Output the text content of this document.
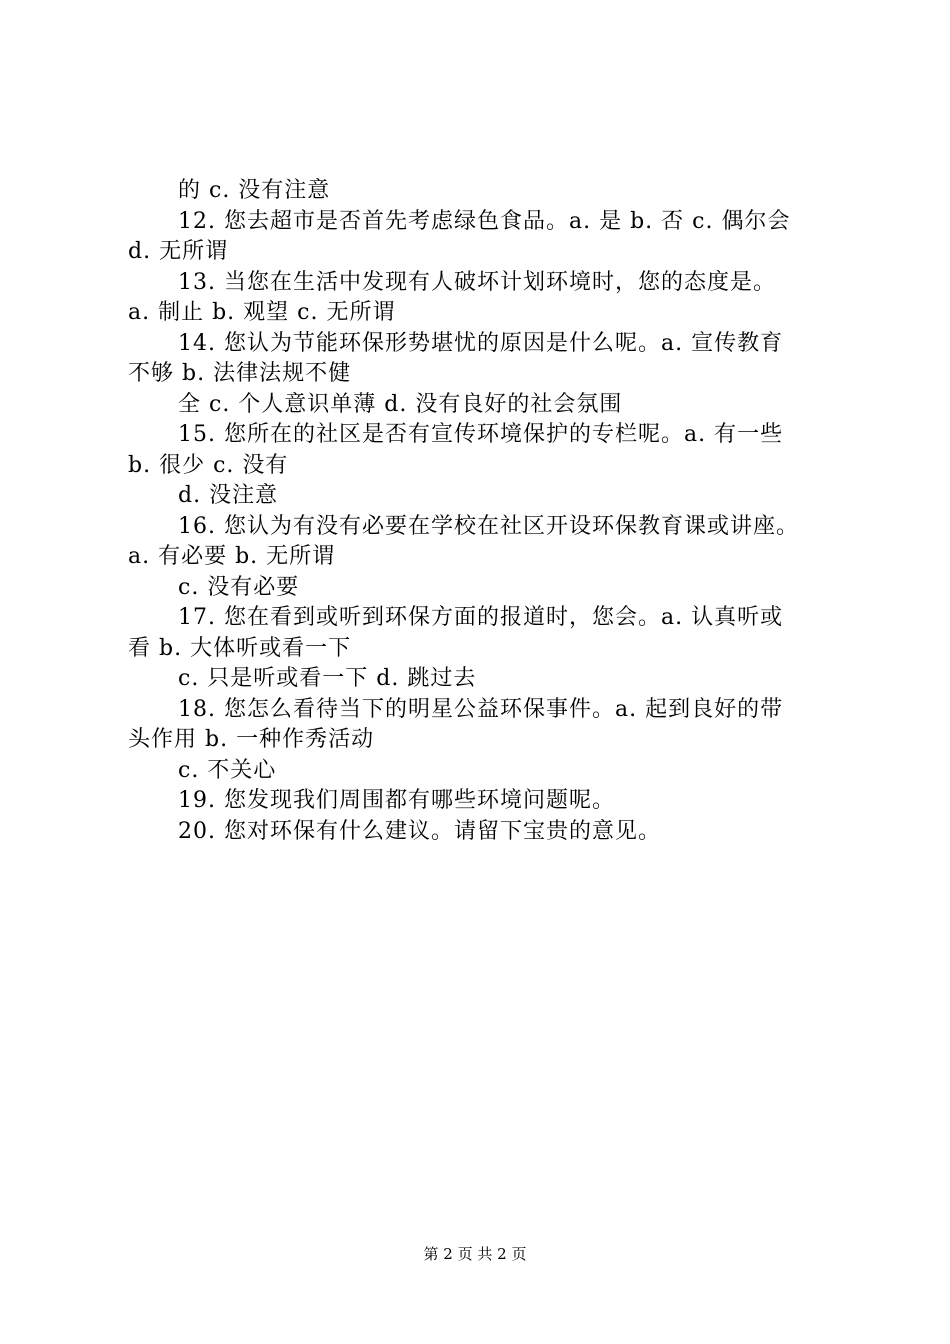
的 c. 没有注意
12. 您去超市是否首先考虑绿色食品。a. 是 b. 否 c. 偶尔会
d. 无所谓
13. 当您在生活中发现有人破坏计划环境时，您的态度是。
a. 制止 b. 观望 c. 无所谓
14. 您认为节能环保形势堪忧的原因是什么呢。a. 宣传教育
不够 b. 法律法规不健
全 c. 个人意识单薄 d. 没有良好的社会氛围
15. 您所在的社区是否有宣传环境保护的专栏呢。a. 有一些
b. 很少 c. 没有
d. 没注意
16. 您认为有没有必要在学校在社区开设环保教育课或讲座。
a. 有必要 b. 无所谓
c. 没有必要
17. 您在看到或听到环保方面的报道时，您会。a. 认真听或
看 b. 大体听或看一下
c. 只是听或看一下 d. 跳过去
18. 您怎么看待当下的明星公益环保事件。a. 起到良好的带
头作用 b. 一种作秀活动
c. 不关心
19. 您发现我们周围都有哪些环境问题呢。
20. 您对环保有什么建议。请留下宝贵的意见。
第 2 页 共 2 页
